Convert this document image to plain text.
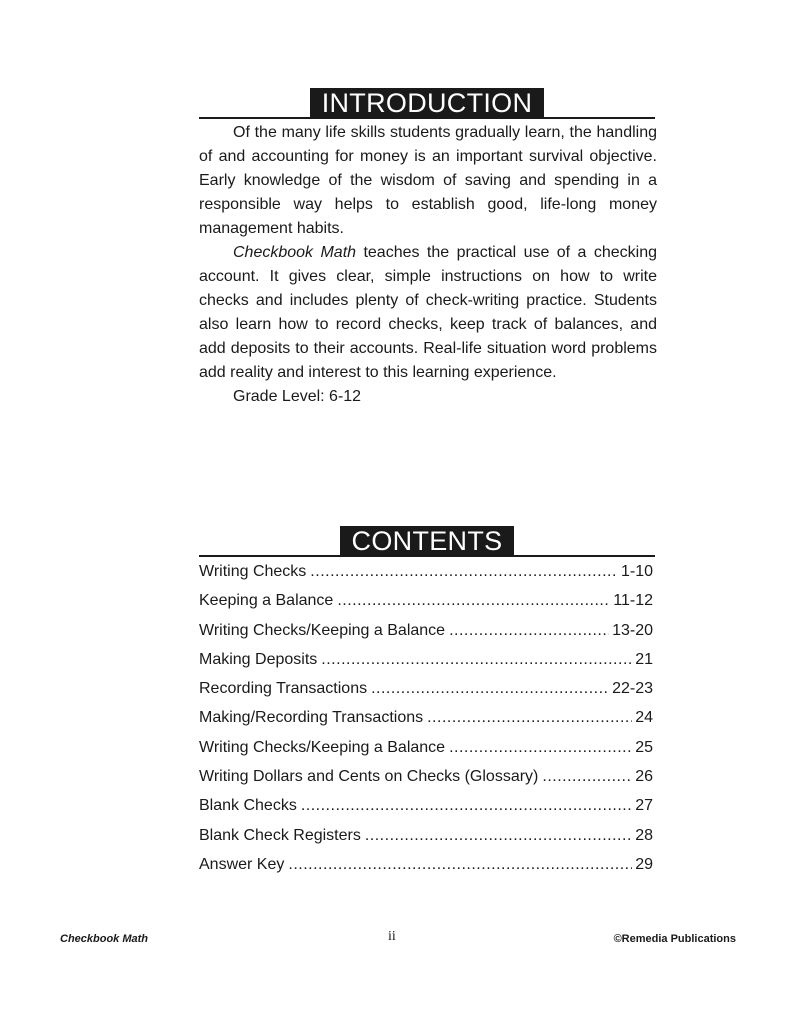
INTRODUCTION

Of the many life skills students gradually learn, the handling of and accounting for money is an important survival objective. Early knowledge of the wisdom of saving and spending in a responsible way helps to establish good, life-long money management habits.

Checkbook Math teaches the practical use of a checking account. It gives clear, simple instructions on how to write checks and includes plenty of check-writing practice. Students also learn how to record checks, keep track of balances, and add deposits to their accounts. Real-life situation word problems add reality and interest to this learning experience.

Grade Level: 6-12

CONTENTS
Writing Checks .....	1-10
Keeping a Balance .....	11-12
Writing Checks/Keeping a Balance .....	13-20
Making Deposits .....	21
Recording Transactions .....	22-23
Making/Recording Transactions .....	24
Writing Checks/Keeping a Balance .....	25
Writing Dollars and Cents on Checks (Glossary) .....	26
Blank Checks .....	27
Blank Check Registers .....	28
Answer Key .....	29
Checkbook Math	ii	©Remedia Publications
